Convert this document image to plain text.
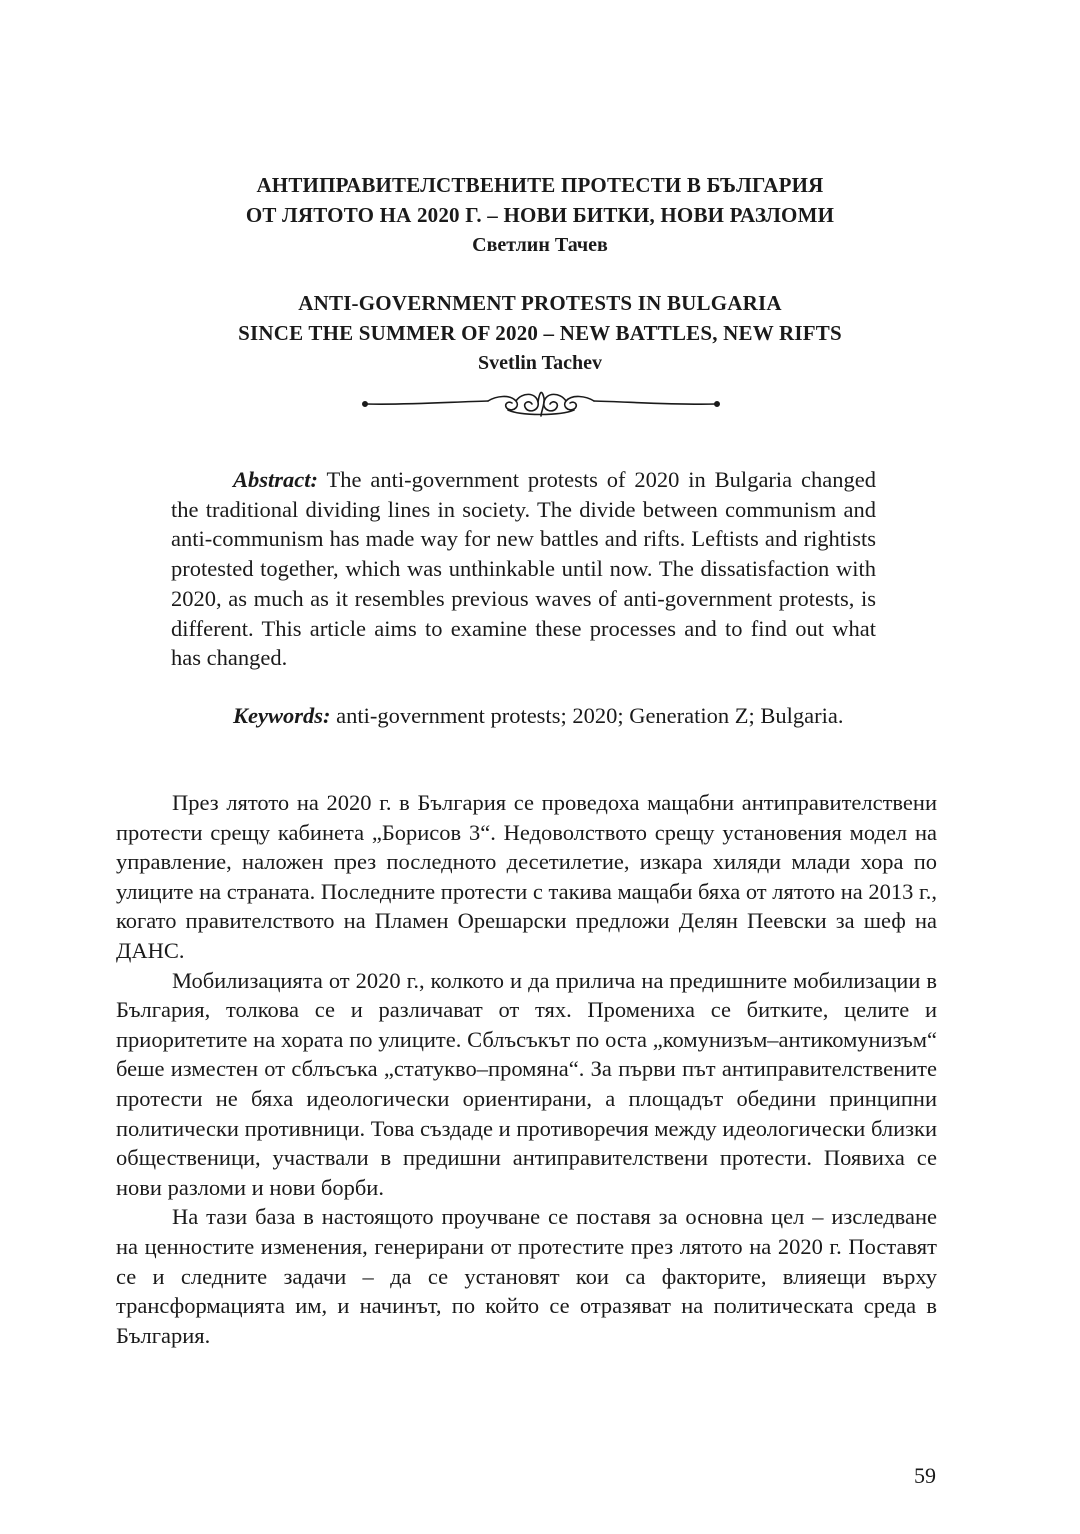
АНТИПРАВИТЕЛСТВЕНИТЕ ПРОТЕСТИ В БЪЛГАРИЯ
ОТ ЛЯТОТО НА 2020 Г. – НОВИ БИТКИ, НОВИ РАЗЛОМИ
Светлин Тачев
ANTI-GOVERNMENT PROTESTS IN BULGARIA
SINCE THE SUMMER OF 2020 – NEW BATTLES, NEW RIFTS
Svetlin Tachev

Abstract: The anti-government protests of 2020 in Bulgaria changed the traditional dividing lines in society. The divide between communism and anti-communism has made way for new battles and rifts. Leftists and rightists protested together, which was unthinkable until now. The dissatisfaction with 2020, as much as it resembles previous waves of anti-government protests, is different. This article aims to examine these processes and to find out what has changed.

Keywords: anti-government protests; 2020; Generation Z; Bulgaria.

През лятото на 2020 г. в България се проведоха мащабни антиправителствени протести срещу кабинета „Борисов 3“. Недоволството срещу установения модел на управление, наложен през последното десетилетие, изкара хиляди млади хора по улиците на страната. Последните протести с такива мащаби бяха от лятото на 2013 г., когато правителството на Пламен Орешарски предложи Делян Пеевски за шеф на ДАНС.

Мобилизацията от 2020 г., колкото и да прилича на предишните мобилизации в България, толкова се и различават от тях. Промениха се битките, целите и приоритетите на хората по улиците. Сблъсъкът по оста „комунизъм–антикомунизъм“ беше изместен от сблъсъка „статукво–промяна“. За първи път антиправителствените протести не бяха идеологически ориентирани, а площадът обедини принципни политически противници. Това създаде и противоречия между идеологически близки общественици, участвали в предишни антиправителствени протести. Появиха се нови разломи и нови борби.

На тази база в настоящото проучване се поставя за основна цел – изследване на ценностите изменения, генерирани от протестите през лятото на 2020 г. Поставят се и следните задачи – да се установят кои са факторите, влияещи върху трансформацията им, и начинът, по който се отразяват на политическата среда в България.

59
